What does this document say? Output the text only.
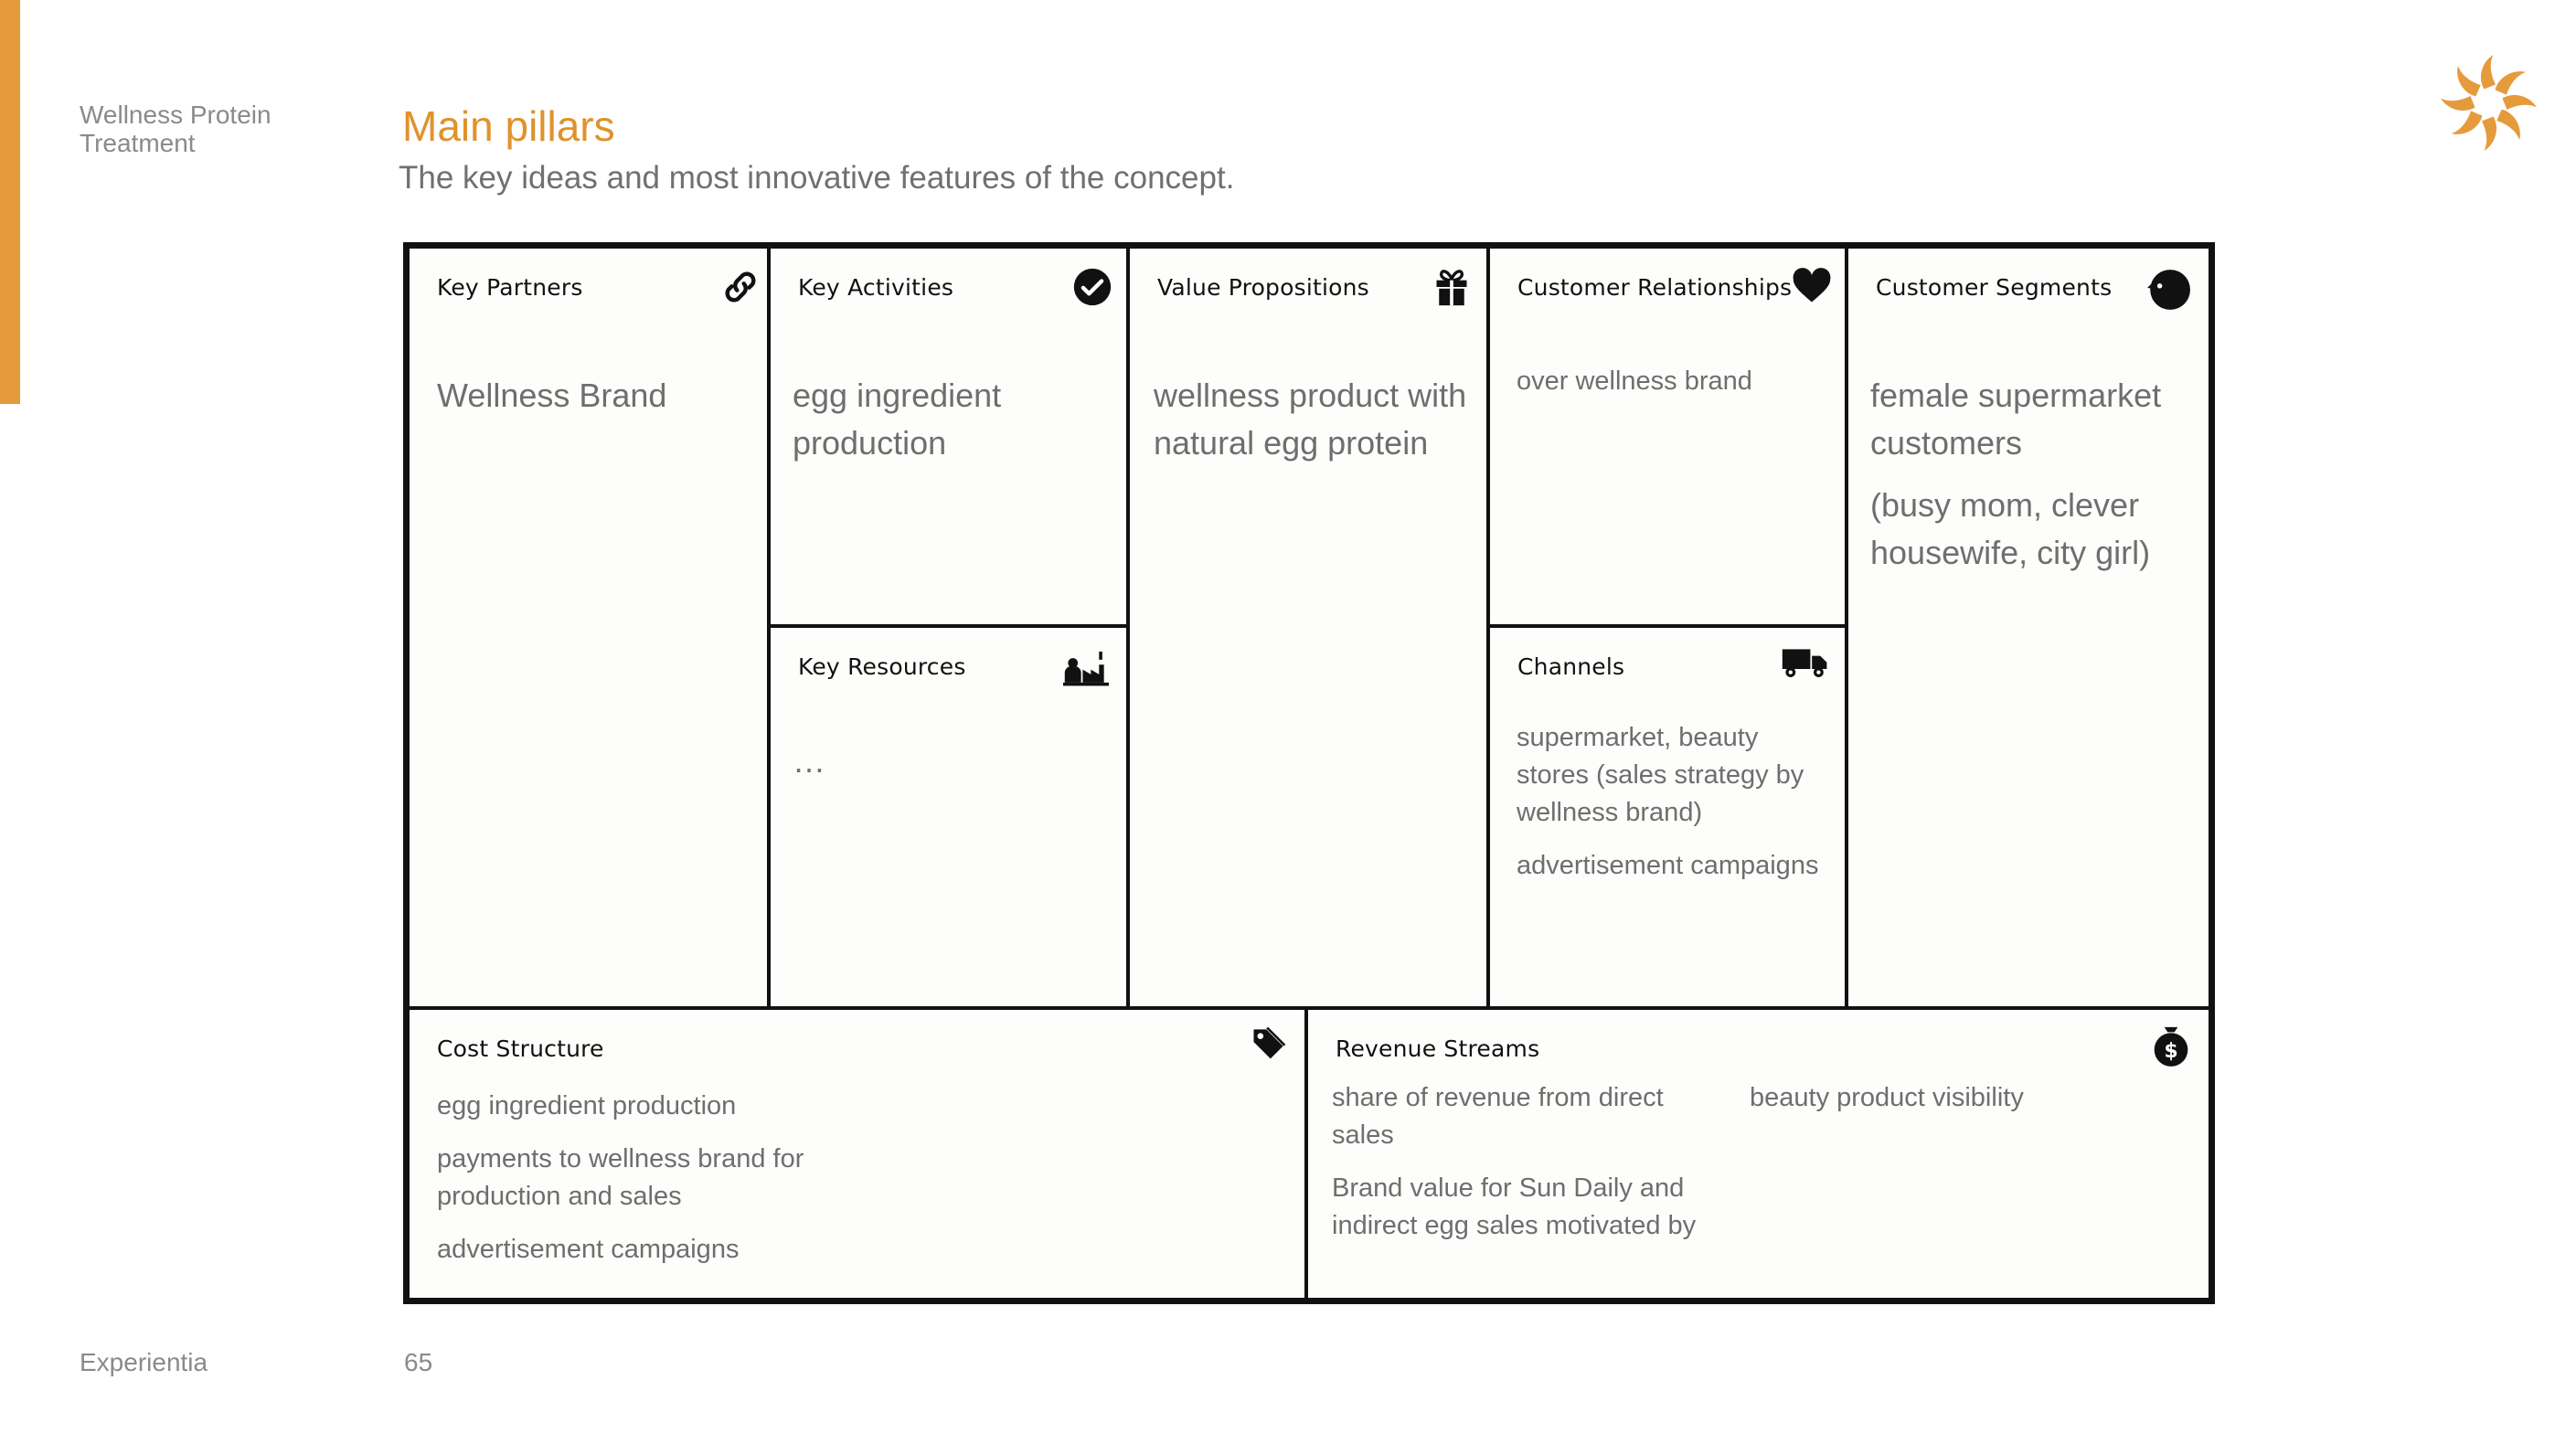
Wellness Protein Treatment	Main pillars
The key ideas and most innovative features of the concept.
Key Partners

Wellness Brand

Key Activities

egg ingredient production

Key Resources

…

Value Propositions

wellness product with natural egg protein

Customer Relationships

over wellness brand

Channels

supermarket, beauty stores (sales strategy by wellness brand)

advertisement campaigns

Customer Segments

female supermarket customers

(busy mom, clever housewife, city girl)

Cost Structure

egg ingredient production

payments to wellness brand for production and sales

advertisement campaigns

Revenue Streams	$

share of revenue from direct sales

Brand value for Sun Daily and indirect egg sales motivated by

beauty product visibility

Experientia	65
